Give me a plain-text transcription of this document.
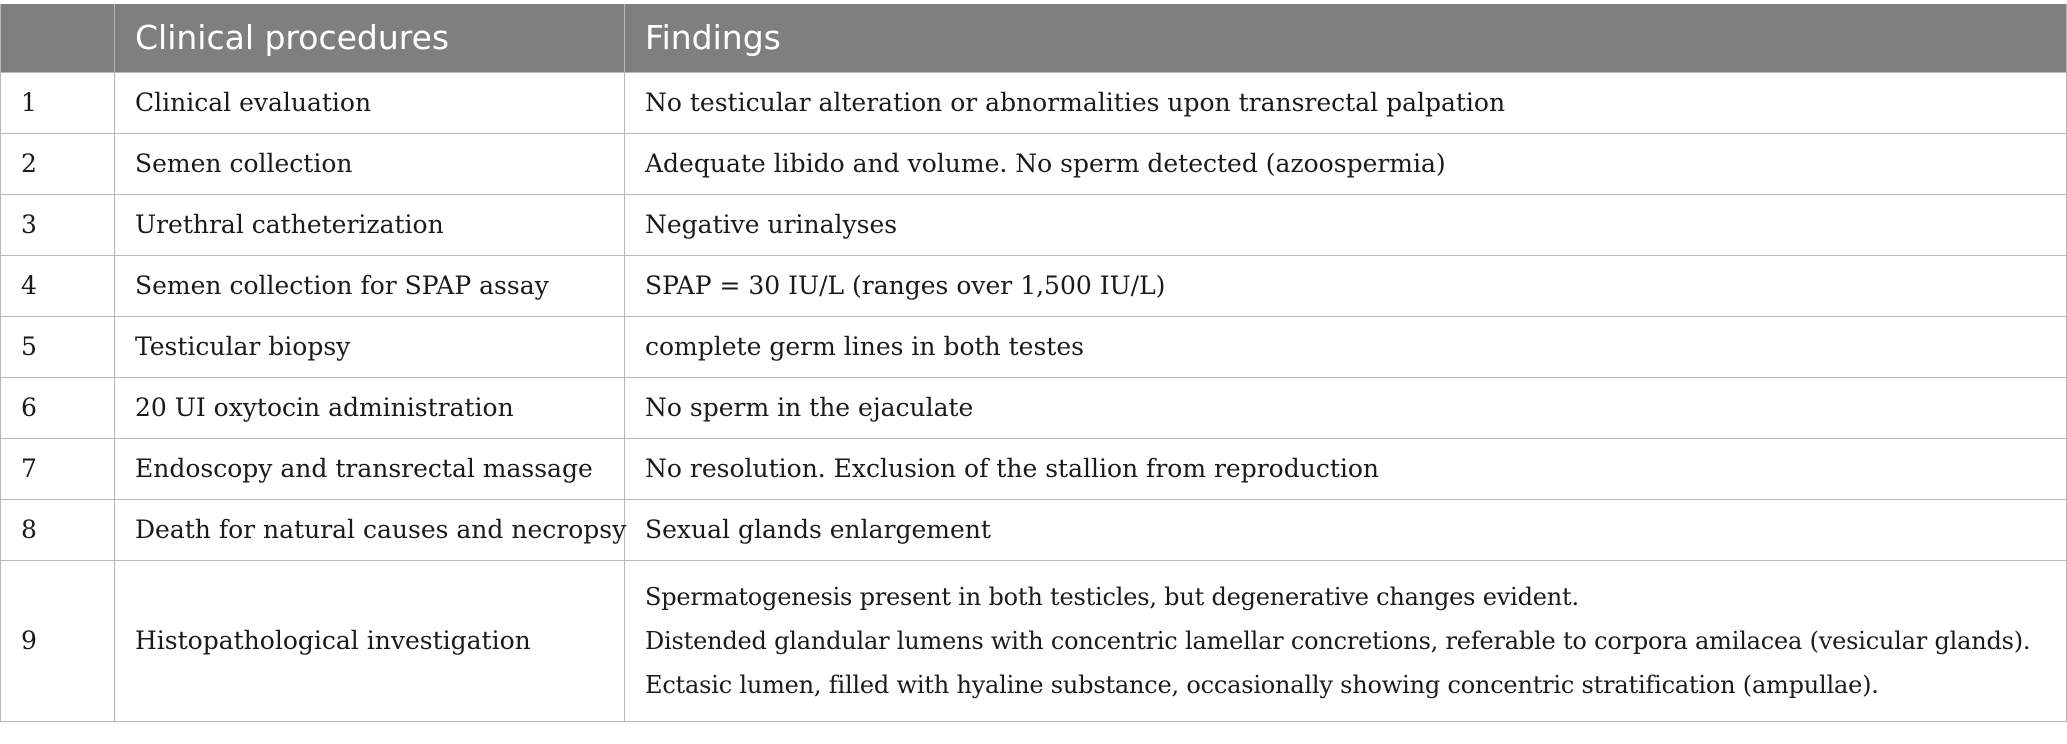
	Clinical procedures	Findings
1	Clinical evaluation	No testicular alteration or abnormalities upon transrectal palpation
2	Semen collection	Adequate libido and volume. No sperm detected (azoospermia)
3	Urethral catheterization	Negative urinalyses
4	Semen collection for SPAP assay	SPAP = 30 IU/L (ranges over 1,500 IU/L)
5	Testicular biopsy	complete germ lines in both testes
6	20 UI oxytocin administration	No sperm in the ejaculate
7	Endoscopy and transrectal massage	No resolution. Exclusion of the stallion from reproduction
8	Death for natural causes and necropsy	Sexual glands enlargement
9	Histopathological investigation	Spermatogenesis present in both testicles, but degenerative changes evident.
Distended glandular lumens with concentric lamellar concretions, referable to corpora amilacea (vesicular glands).
Ectasic lumen, filled with hyaline substance, occasionally showing concentric stratification (ampullae).
